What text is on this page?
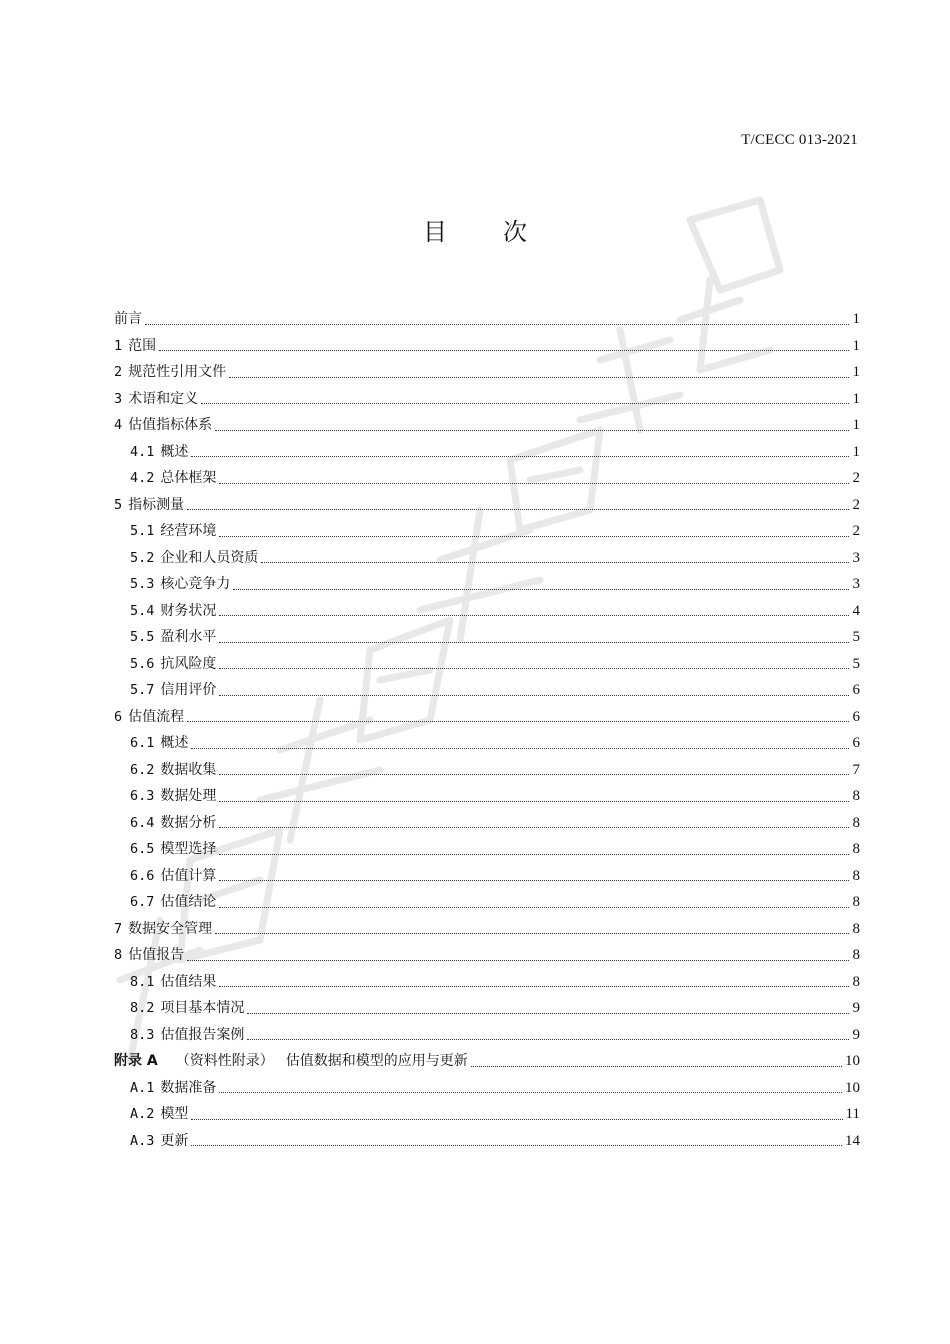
T/CECC 013-2021
目 次
前言	1
1 范围	1
2 规范性引用文件	1
3 术语和定义	1
4 估值指标体系	1
4.1 概述	1
4.2 总体框架	2
5 指标测量	2
5.1 经营环境	2
5.2 企业和人员资质	3
5.3 核心竞争力	3
5.4 财务状况	4
5.5 盈利水平	5
5.6 抗风险度	5
5.7 信用评价	6
6 估值流程	6
6.1 概述	6
6.2 数据收集	7
6.3 数据处理	8
6.4 数据分析	8
6.5 模型选择	8
6.6 估值计算	8
6.7 估值结论	8
7 数据安全管理	8
8 估值报告	8
8.1 估值结果	8
8.2 项目基本情况	9
8.3 估值报告案例	9
附录 A （资料性附录） 估值数据和模型的应用与更新	10
A.1 数据准备	10
A.2 模型	11
A.3 更新	14
